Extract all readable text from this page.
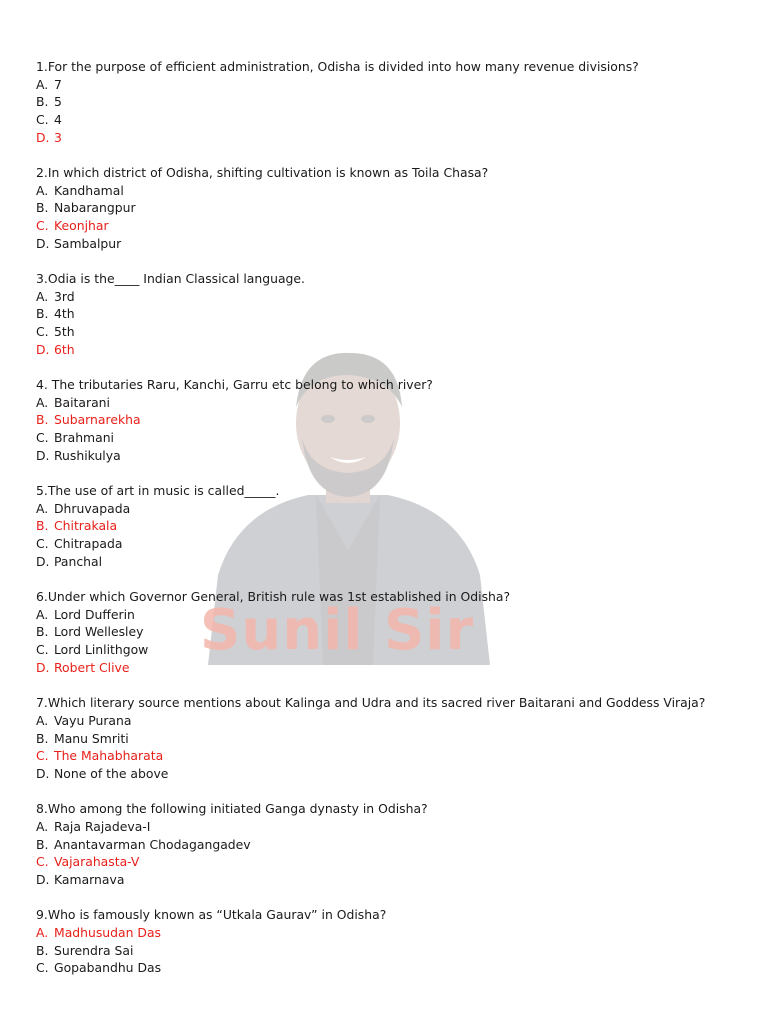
Sunil Sir
1.For the purpose of efficient administration, Odisha is divided into how many revenue divisions?
A. 7
B. 5
C. 4
D. 3
2.In which district of Odisha, shifting cultivation is known as Toila Chasa?
A. Kandhamal
B. Nabarangpur
C. Keonjhar
D. Sambalpur
3.Odia is the____ Indian Classical language.
A. 3rd
B. 4th
C. 5th
D. 6th
4. The tributaries Raru, Kanchi, Garru etc belong to which river?
A. Baitarani
B. Subarnarekha
C. Brahmani
D. Rushikulya
5.The use of art in music is called_____.
A. Dhruvapada
B. Chitrakala
C. Chitrapada
D. Panchal
6.Under which Governor General, British rule was 1st established in Odisha?
A. Lord Dufferin
B. Lord Wellesley
C. Lord Linlithgow
D. Robert Clive
7.Which literary source mentions about Kalinga and Udra and its sacred river Baitarani and Goddess Viraja?
A. Vayu Purana
B. Manu Smriti
C. The Mahabharata
D. None of the above
8.Who among the following initiated Ganga dynasty in Odisha?
A. Raja Rajadeva-I
B. Anantavarman Chodagangadev
C. Vajarahasta-V
D. Kamarnava
9.Who is famously known as “Utkala Gaurav” in Odisha?
A. Madhusudan Das
B. Surendra Sai
C. Gopabandhu Das
